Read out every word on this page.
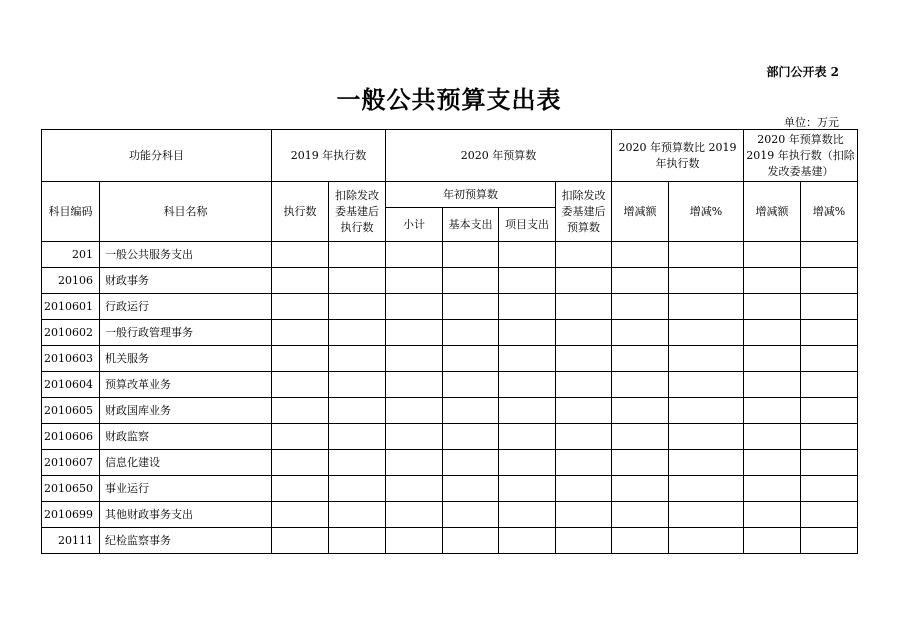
部门公开表 2
一般公共预算支出表
单位：万元
功能分科目		2019 年执行数		2020 年预算数				2020 年预算数比 2019 年执行数		2020 年预算数比 2019 年执行数（扣除发改委基建）	
科目编码	科目名称	执行数	扣除发改委基建后执行数	年初预算数			扣除发改委基建后预算数	增减额	增减%	增减额	增减%
				小计	基本支出	项目支出					
201	一般公共服务支出										
20106	财政事务										
2010601	行政运行										
2010602	一般行政管理事务										
2010603	机关服务										
2010604	预算改革业务										
2010605	财政国库业务										
2010606	财政监察										
2010607	信息化建设										
2010650	事业运行										
2010699	其他财政事务支出										
20111	纪检监察事务										
